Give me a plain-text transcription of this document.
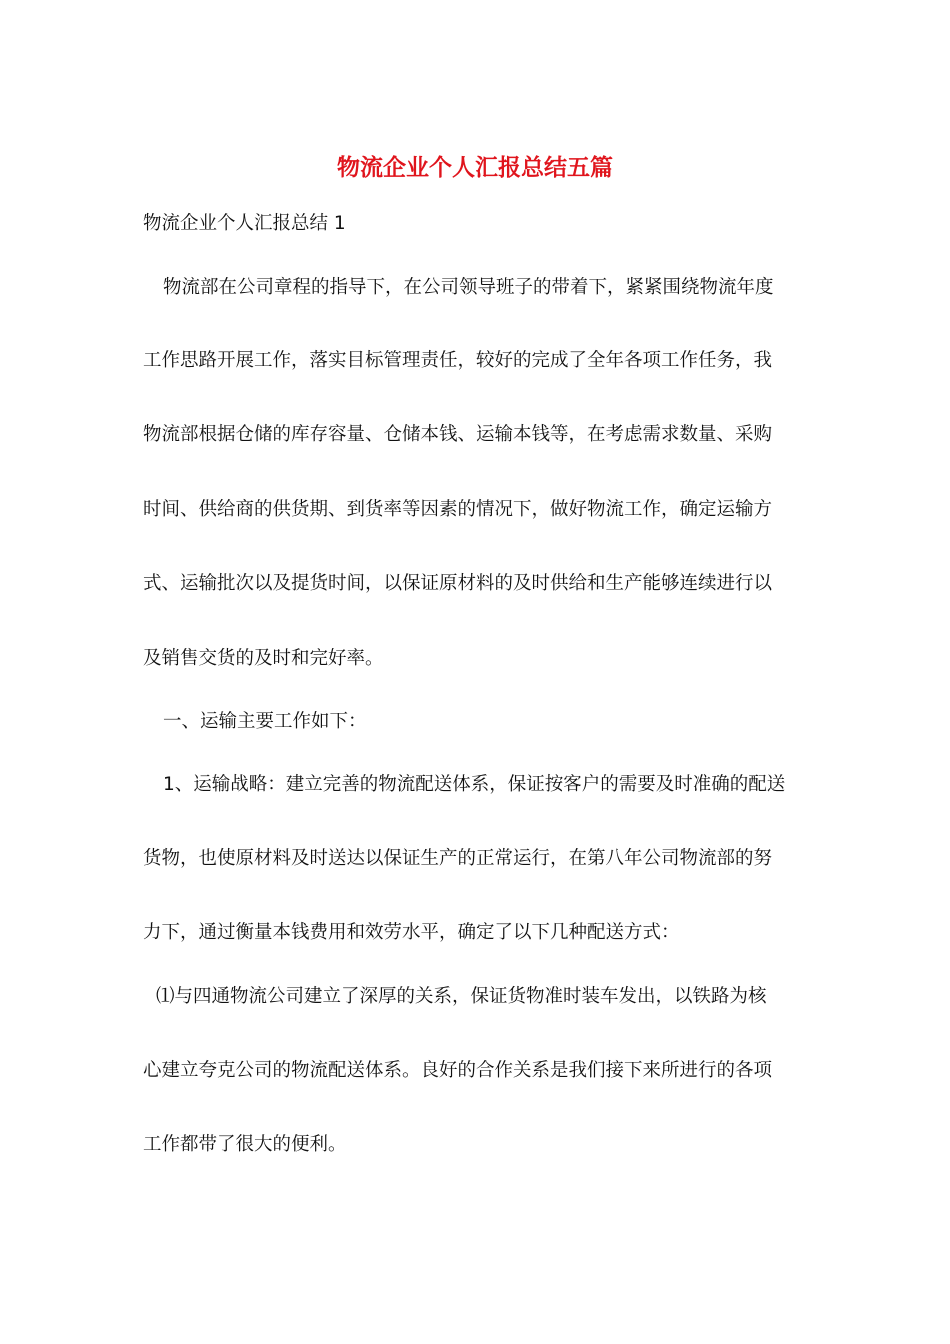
物流企业个人汇报总结五篇
物流企业个人汇报总结 1
物流部在公司章程的指导下，在公司领导班子的带着下，紧紧围绕物流年度
工作思路开展工作，落实目标管理责任，较好的完成了全年各项工作任务，我
物流部根据仓储的库存容量、仓储本钱、运输本钱等，在考虑需求数量、采购
时间、供给商的供货期、到货率等因素的情况下，做好物流工作，确定运输方
式、运输批次以及提货时间，以保证原材料的及时供给和生产能够连续进行以
及销售交货的及时和完好率。
一、运输主要工作如下：
1、运输战略：建立完善的物流配送体系，保证按客户的需要及时准确的配送
货物，也使原材料及时送达以保证生产的正常运行，在第八年公司物流部的努
力下，通过衡量本钱费用和效劳水平，确定了以下几种配送方式：
⑴与四通物流公司建立了深厚的关系，保证货物准时装车发出，以铁路为核
心建立夸克公司的物流配送体系。良好的合作关系是我们接下来所进行的各项
工作都带了很大的便利。
